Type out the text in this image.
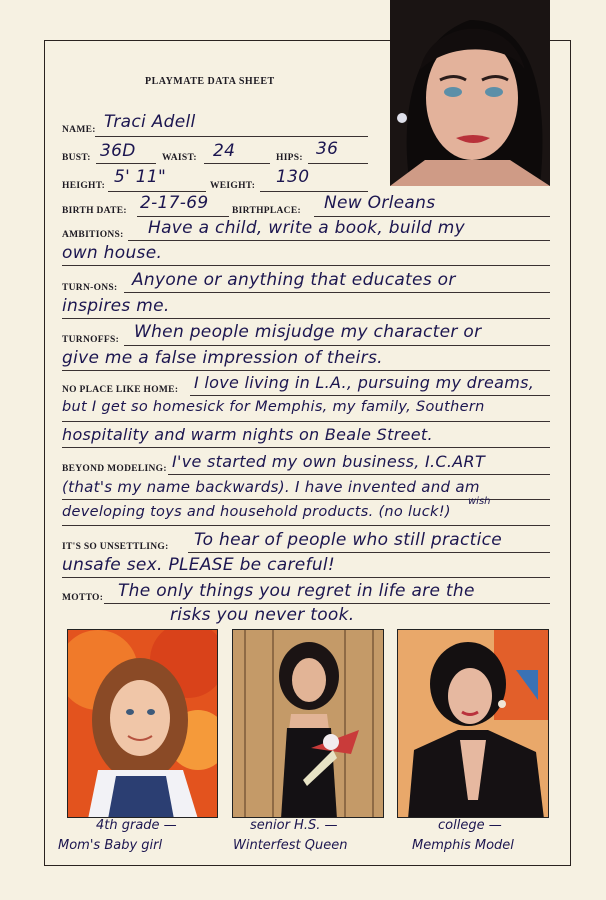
PLAYMATE DATA SHEET
NAME: Traci Adell
BUST: 36D	WAIST: 24	HIPS: 36
HEIGHT: 5' 11"	WEIGHT: 130
BIRTH DATE: 2-17-69 BIRTHPLACE: New Orleans
AMBITIONS: Have a child, write a book, build my
own house.
TURN-ONS: Anyone or anything that educates or
inspires me.
TURNOFFS: When people misjudge my character or
give me a false impression of theirs.
NO PLACE LIKE HOME: I love living in L.A., pursuing my dreams,
but I get so homesick for Memphis, my family, Southern
hospitality and warm nights on Beale Street.
BEYOND MODELING: I've started my own business, I.C.ART
(that's my name backwards). I have invented and am
developing toys and household products. (no luck!)
wish
IT'S SO UNSETTLING: To hear of people who still practice
unsafe sex. PLEASE be careful!
MOTTO: The only things you regret in life are the
risks you never took.
4th grade —
Mom's Baby girl
senior H.S. —
Winterfest Queen
college —
Memphis Model
